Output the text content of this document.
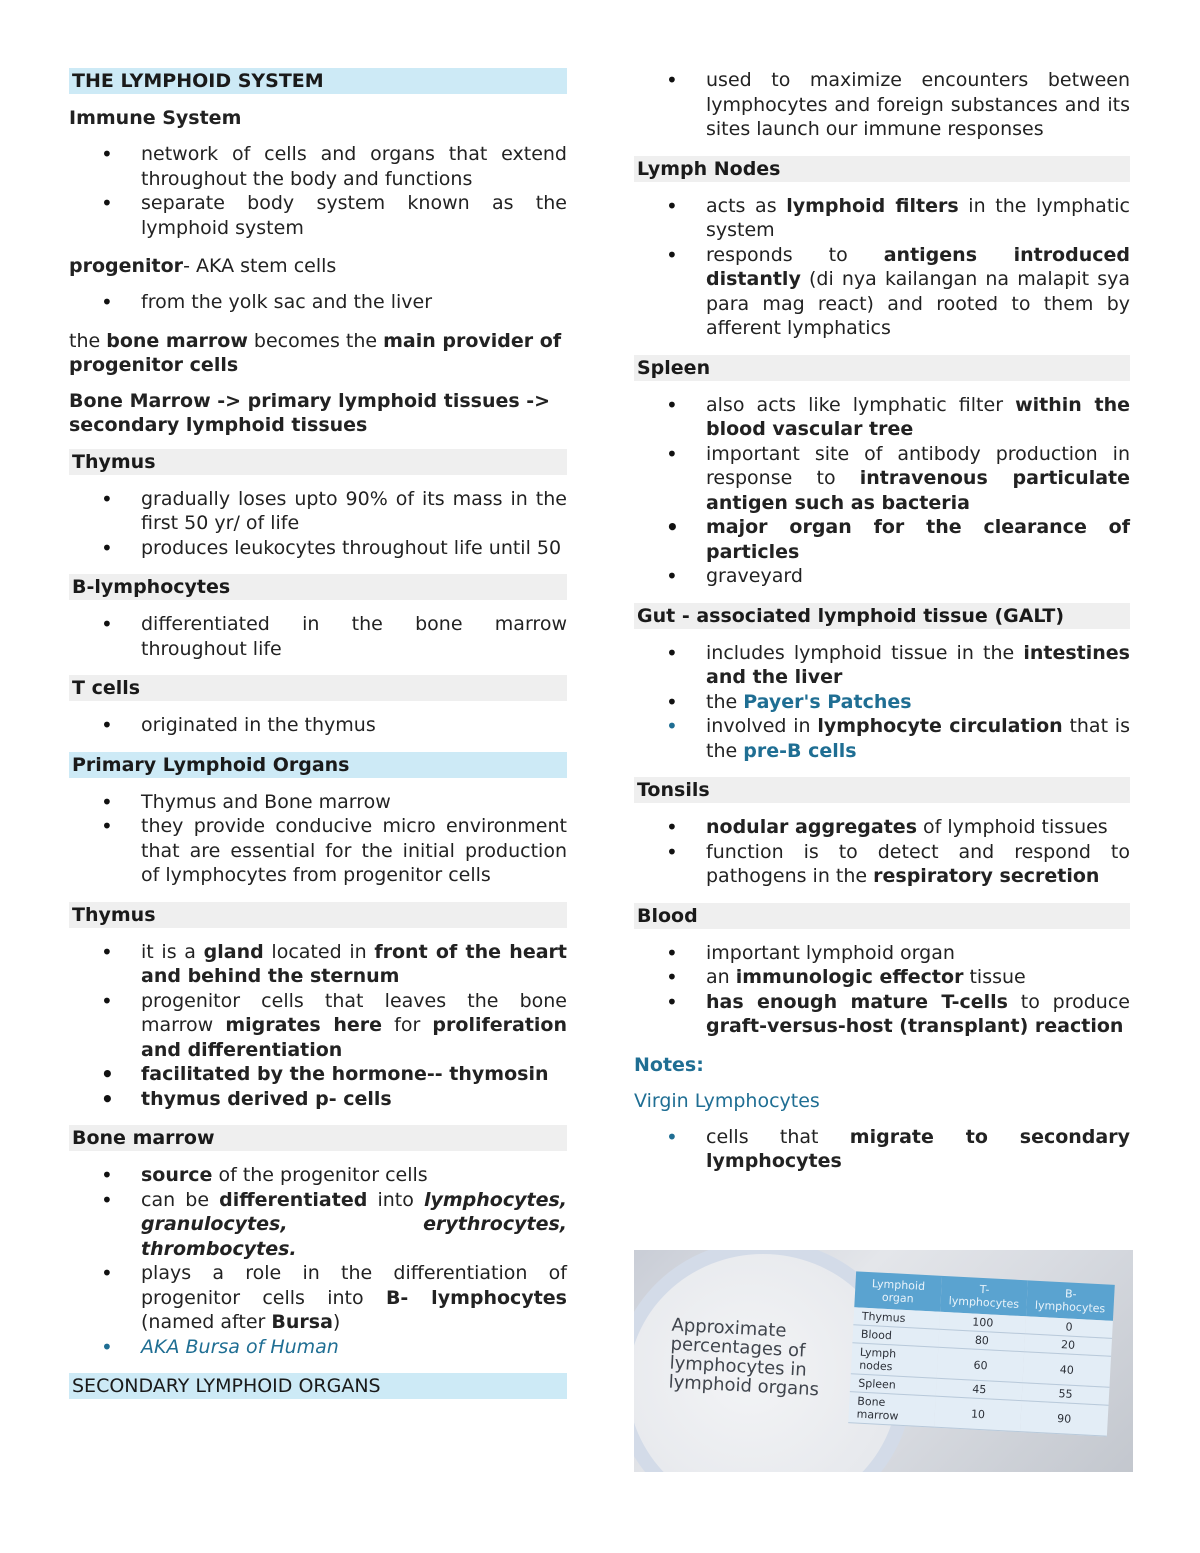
THE LYMPHOID SYSTEM
Immune System
• network of cells and organs that extend throughout the body and functions
• separate body system known as the lymphoid system
progenitor- AKA stem cells
• from the yolk sac and the liver
the bone marrow becomes the main provider of progenitor cells
Bone Marrow -> primary lymphoid tissues -> secondary lymphoid tissues
Thymus
• gradually loses upto 90% of its mass in the first 50 yr/ of life
• produces leukocytes throughout life until 50
B-lymphocytes
• differentiated in the bone marrow throughout life
T cells
• originated in the thymus
Primary Lymphoid Organs
• Thymus and Bone marrow
• they provide conducive micro environment that are essential for the initial production of lymphocytes from progenitor cells
Thymus
• it is a gland located in front of the heart and behind the sternum
• progenitor cells that leaves the bone marrow migrates here for proliferation and differentiation
• facilitated by the hormone-- thymosin
• thymus derived p- cells
Bone marrow
• source of the progenitor cells
• can be differentiated into lymphocytes, granulocytes, erythrocytes, thrombocytes.
• plays a role in the differentiation of progenitor cells into B- lymphocytes (named after Bursa)
• AKA Bursa of Human
SECONDARY LYMPHOID ORGANS
• used to maximize encounters between lymphocytes and foreign substances and its sites launch our immune responses
Lymph Nodes
• acts as lymphoid filters in the lymphatic system
• responds to antigens introduced distantly (di nya kailangan na malapit sya para mag react) and rooted to them by afferent lymphatics
Spleen
• also acts like lymphatic filter within the blood vascular tree
• important site of antibody production in response to intravenous particulate antigen such as bacteria
• major organ for the clearance of particles
• graveyard
Gut - associated lymphoid tissue (GALT)
• includes lymphoid tissue in the intestines and the liver
• the Payer's Patches
• involved in lymphocyte circulation that is the pre-B cells
Tonsils
• nodular aggregates of lymphoid tissues
• function is to detect and respond to pathogens in the respiratory secretion
Blood
• important lymphoid organ
• an immunologic effector tissue
• has enough mature T-cells to produce graft-versus-host (transplant) reaction
Notes:
Virgin Lymphocytes
• cells that migrate to secondary lymphocytes
Approximate percentages of lymphocytes in lymphoid organs
Lymphoid organ	T-lymphocytes	B-lymphocytes
Thymus	100	0
Blood	80	20
Lymph nodes	60	40
Spleen	45	55
Bone marrow	10	90
